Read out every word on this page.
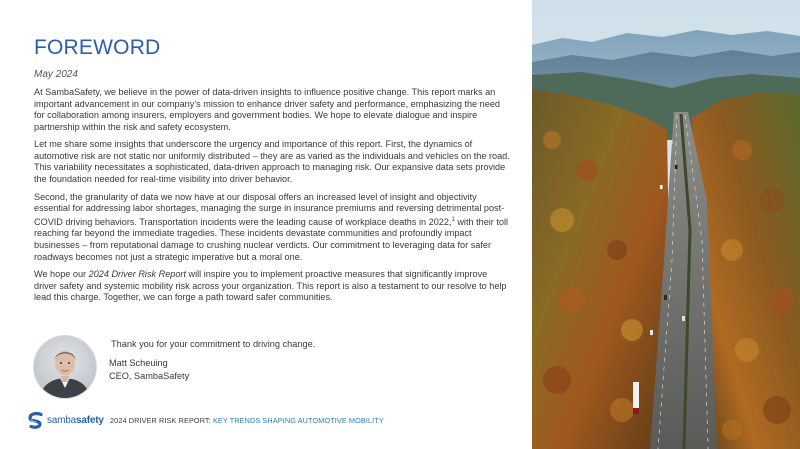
FOREWORD
May 2024

At SambaSafety, we believe in the power of data-driven insights to influence positive change. This report marks an important advancement in our company’s mission to enhance driver safety and performance, emphasizing the need for collaboration among insurers, employers and government bodies. We hope to elevate dialogue and inspire partnership within the risk and safety ecosystem.

Let me share some insights that underscore the urgency and importance of this report. First, the dynamics of automotive risk are not static nor uniformly distributed – they are as varied as the individuals and vehicles on the road. This variability necessitates a sophisticated, data-driven approach to managing risk. Our expansive data sets provide the foundation needed for real-time visibility into driver behavior.

Second, the granularity of data we now have at our disposal offers an increased level of insight and objectivity essential for addressing labor shortages, managing the surge in insurance premiums and reversing detrimental post-COVID driving behaviors. Transportation incidents were the leading cause of workplace deaths in 2022,$^1$ with their toll reaching far beyond the immediate tragedies. These incidents devastate communities and profoundly impact businesses – from reputational damage to crushing nuclear verdicts. Our commitment to leveraging data for safer roadways becomes not just a strategic imperative but a moral one.

We hope our 2024 Driver Risk Report will inspire you to implement proactive measures that significantly improve driver safety and systemic mobility risk across your organization. This report is also a testament to our resolve to help lead this charge. Together, we can forge a path toward safer communities.

Thank you for your commitment to driving change.
Matt Scheuing
CEO, SambaSafety
sambasafety 2024 DRIVER RISK REPORT: KEY TRENDS SHAPING AUTOMOTIVE MOBILITY
